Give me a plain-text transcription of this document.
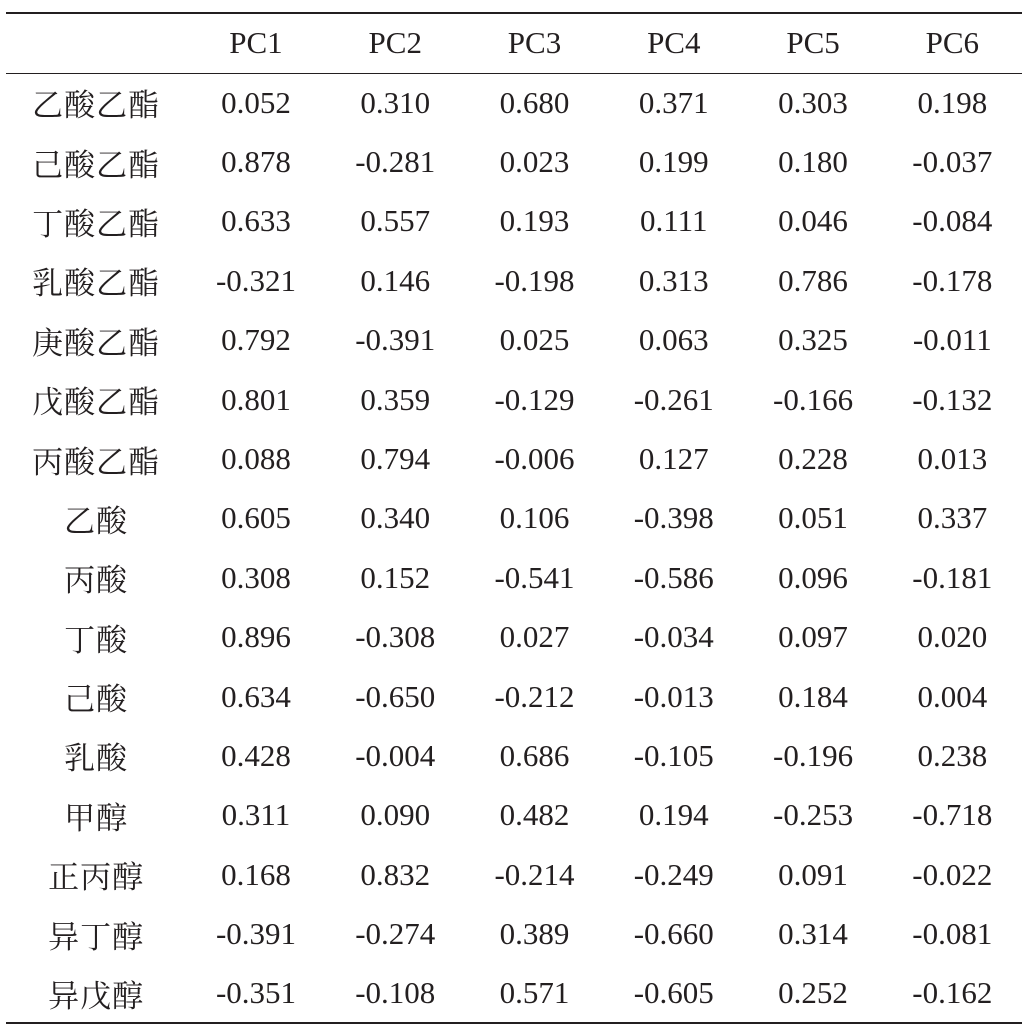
	PC1	PC2	PC3	PC4	PC5	PC6
乙酸乙酯	0.052	0.310	0.680	0.371	0.303	0.198
己酸乙酯	0.878	-0.281	0.023	0.199	0.180	-0.037
丁酸乙酯	0.633	0.557	0.193	0.111	0.046	-0.084
乳酸乙酯	-0.321	0.146	-0.198	0.313	0.786	-0.178
庚酸乙酯	0.792	-0.391	0.025	0.063	0.325	-0.011
戊酸乙酯	0.801	0.359	-0.129	-0.261	-0.166	-0.132
丙酸乙酯	0.088	0.794	-0.006	0.127	0.228	0.013
乙酸	0.605	0.340	0.106	-0.398	0.051	0.337
丙酸	0.308	0.152	-0.541	-0.586	0.096	-0.181
丁酸	0.896	-0.308	0.027	-0.034	0.097	0.020
己酸	0.634	-0.650	-0.212	-0.013	0.184	0.004
乳酸	0.428	-0.004	0.686	-0.105	-0.196	0.238
甲醇	0.311	0.090	0.482	0.194	-0.253	-0.718
正丙醇	0.168	0.832	-0.214	-0.249	0.091	-0.022
异丁醇	-0.391	-0.274	0.389	-0.660	0.314	-0.081
异戊醇	-0.351	-0.108	0.571	-0.605	0.252	-0.162
